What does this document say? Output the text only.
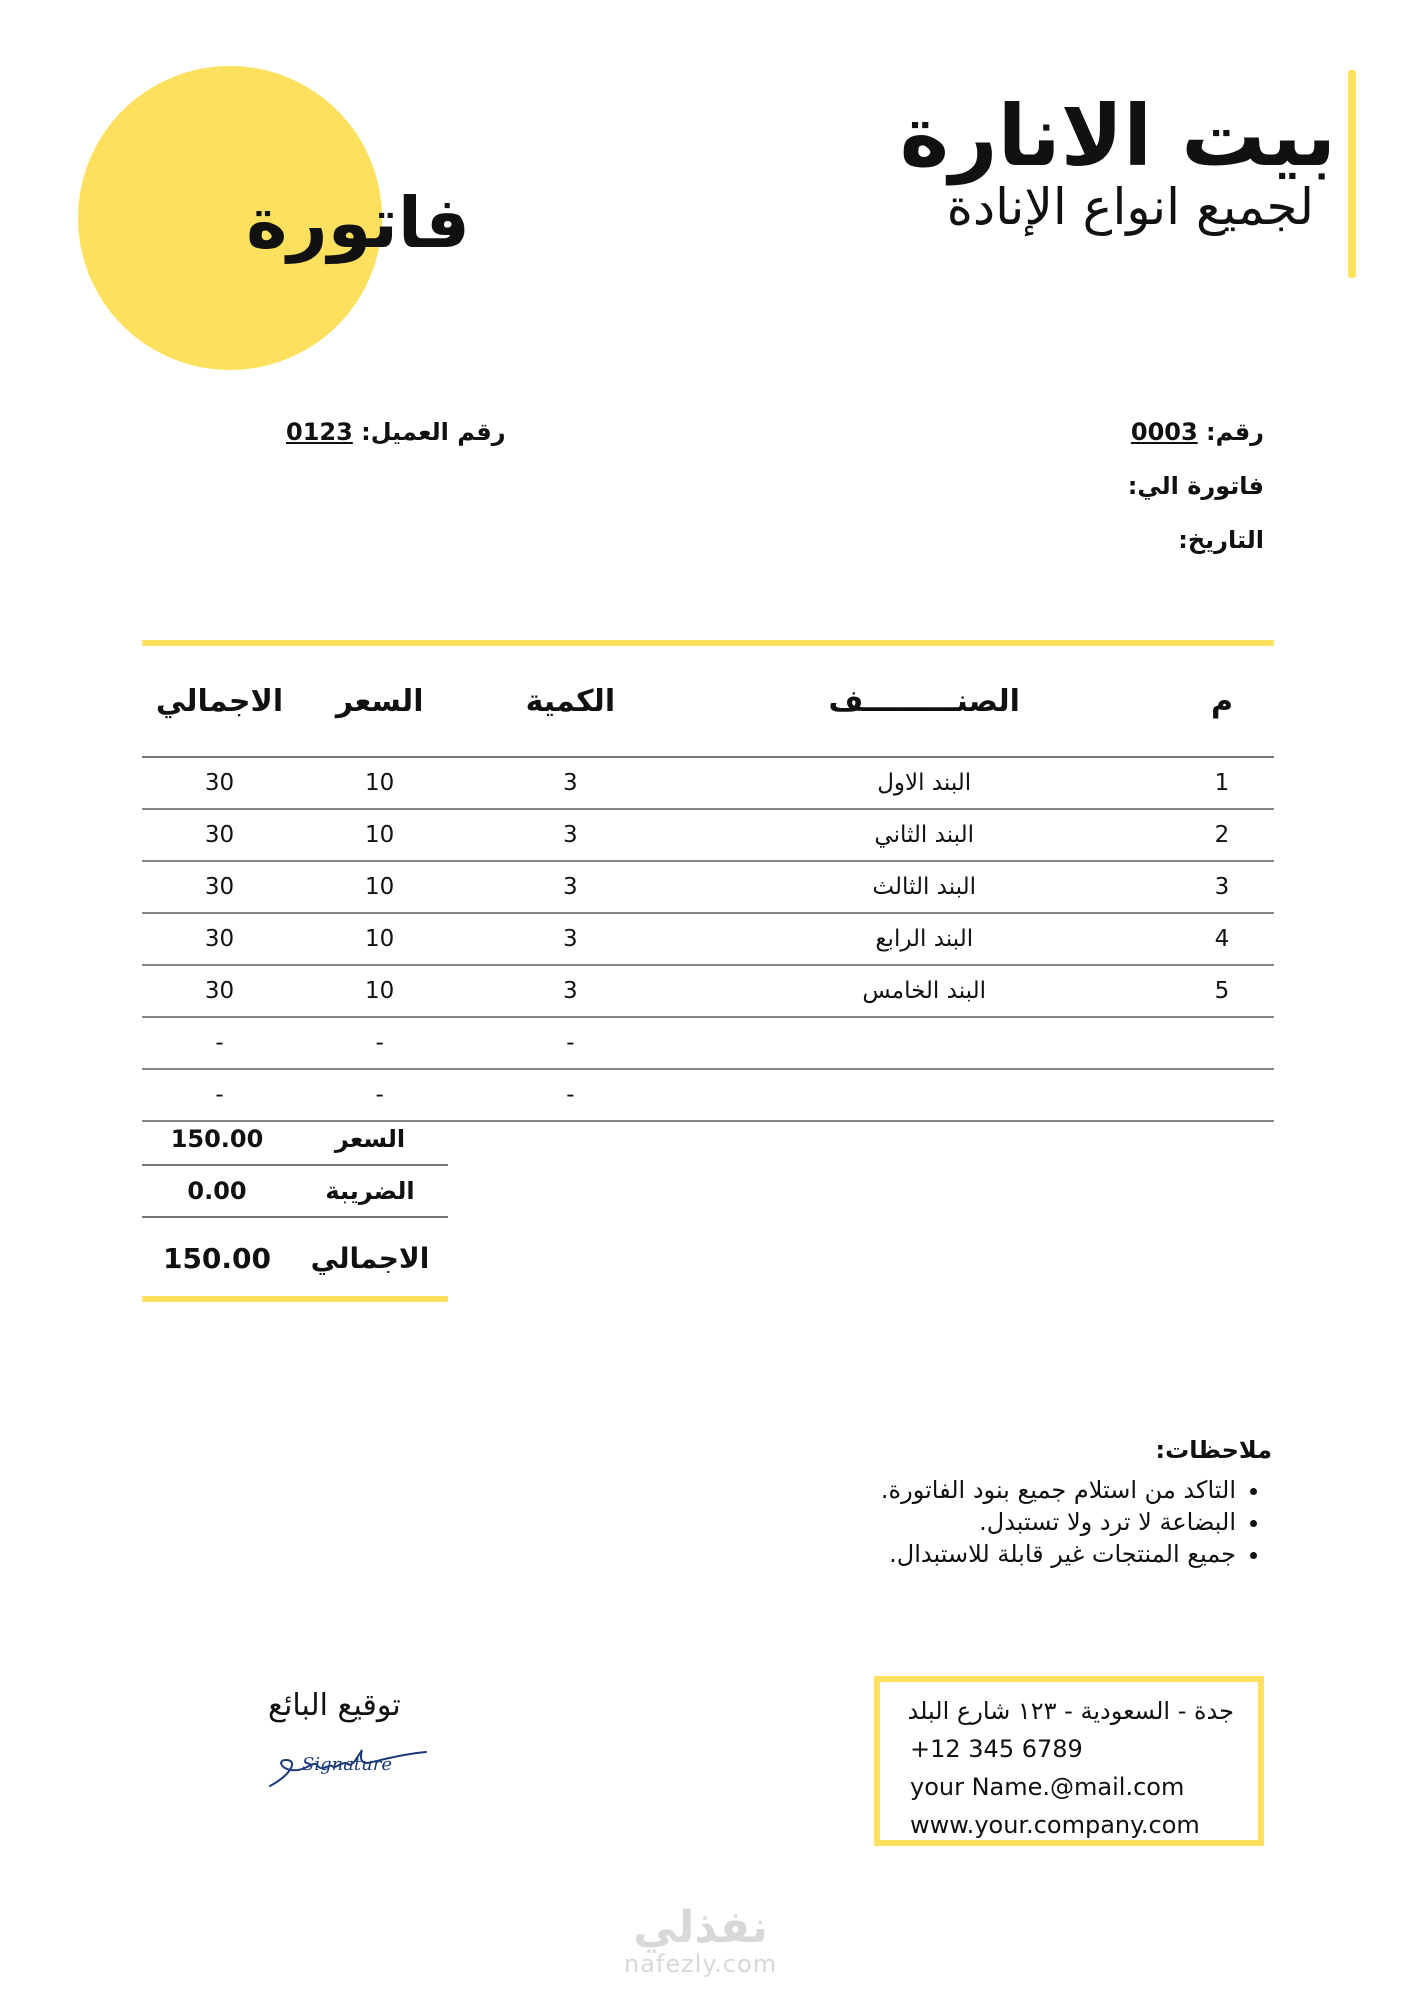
فاتورة
بيت الانارة
لجميع انواع الإنادة
رقم: 0003
رقم العميل: 0123
فاتورة الي:
التاريخ:
م	الصنـــــــــف	الكمية	السعر	الاجمالي
1	البند الاول	3	10	30
2	البند الثاني	3	10	30
3	البند الثالث	3	10	30
4	البند الرابع	3	10	30
5	البند الخامس	3	10	30
		-	-	-
		-	-	-
السعر	150.00
الضريبة	0.00
الاجمالي	150.00
ملاحظات:
• التاكد من استلام جميع بنود الفاتورة.
• البضاعة لا ترد ولا تستبدل.
• جميع المنتجات غير قابلة للاستبدال.
جدة - السعودية - ١٢٣ شارع البلد
+12 345 6789
your Name.@mail.com
www.your.company.com
توقيع البائع
Signature
نفذلي
nafezly.com
